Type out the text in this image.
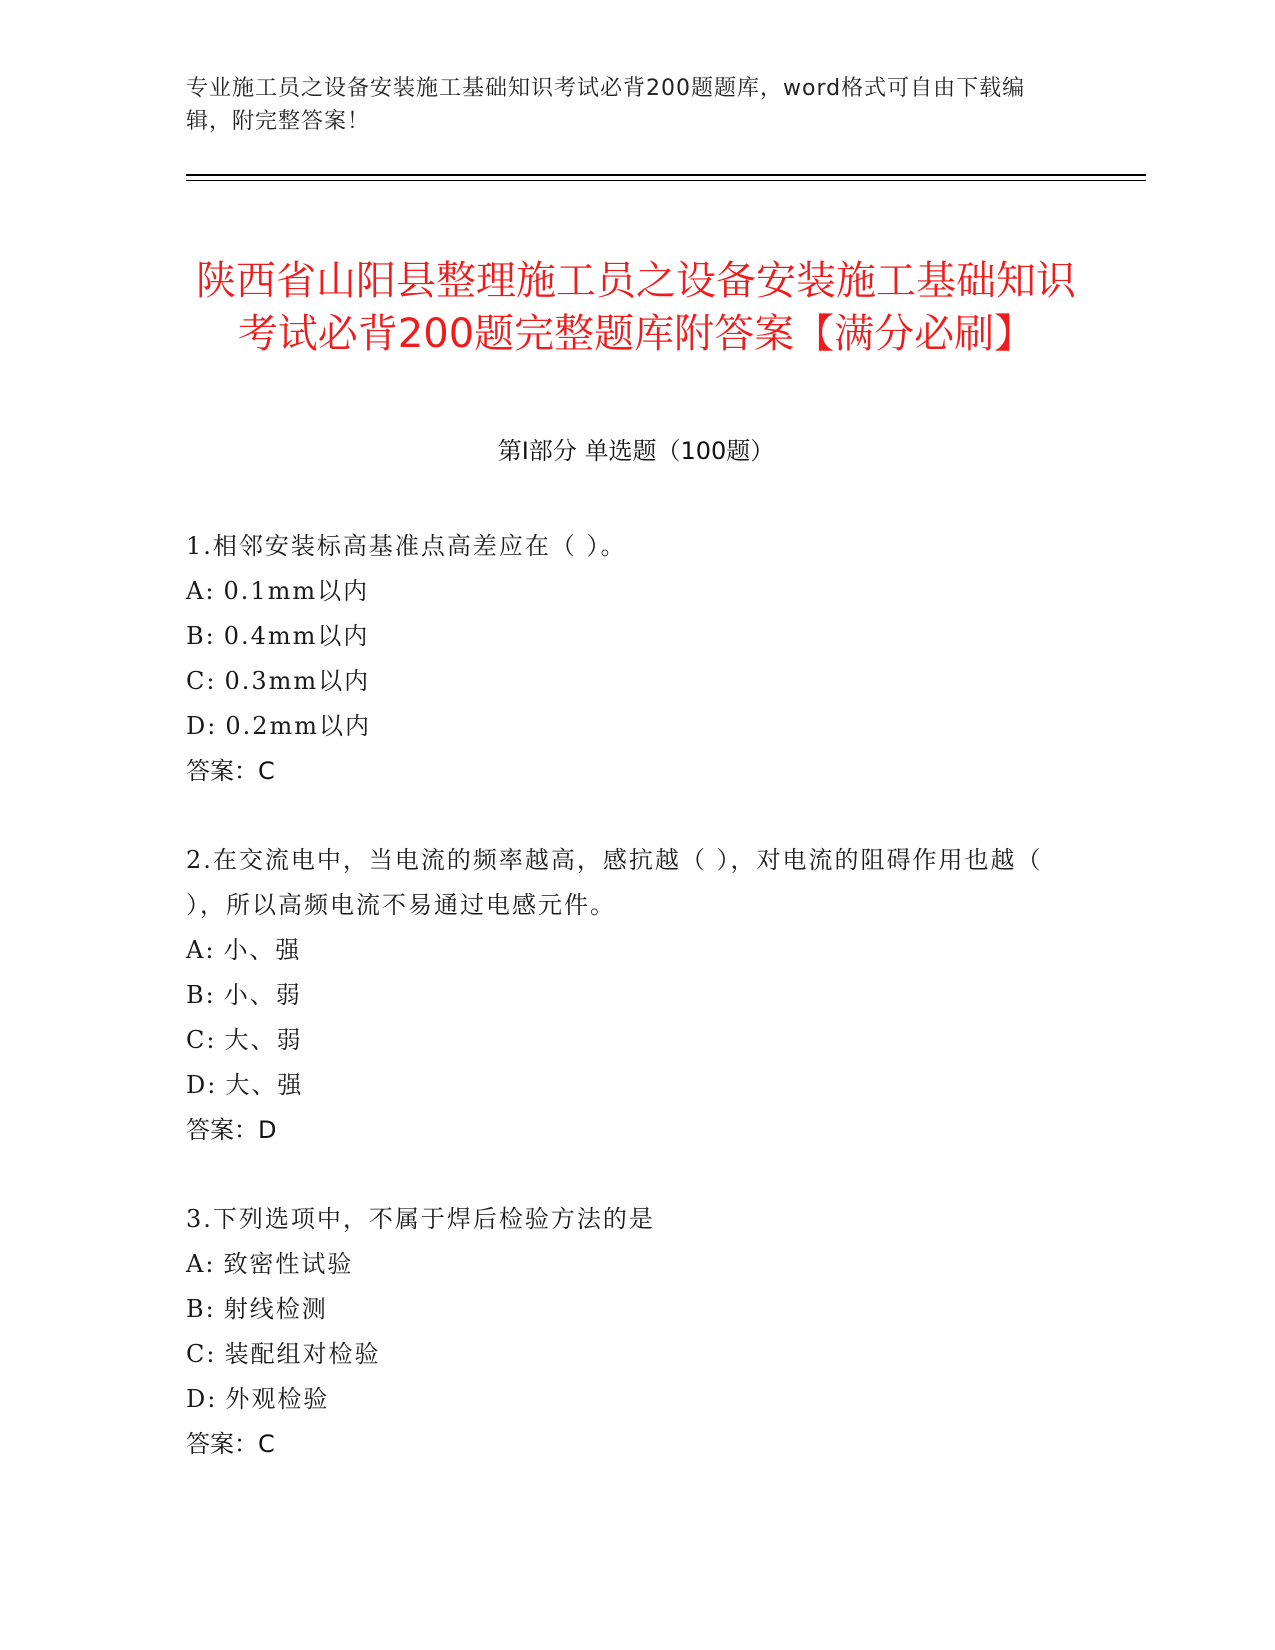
专业施工员之设备安装施工基础知识考试必背200题题库，word格式可自由下载编辑，附完整答案！
陕西省山阳县整理施工员之设备安装施工基础知识考试必背200题完整题库附答案【满分必刷】
第Ⅰ部分 单选题（100题）

1.相邻安装标高基准点高差应在（ ）。

A: 0.1mm以内

B: 0.4mm以内

C: 0.3mm以内

D: 0.2mm以内

答案：C

2.在交流电中，当电流的频率越高，感抗越（ ），对电流的阻碍作用也越（ ），所以高频电流不易通过电感元件。

A: 小、强

B: 小、弱

C: 大、弱

D: 大、强

答案：D

3.下列选项中，不属于焊后检验方法的是

A: 致密性试验

B: 射线检测

C: 装配组对检验

D: 外观检验

答案：C
